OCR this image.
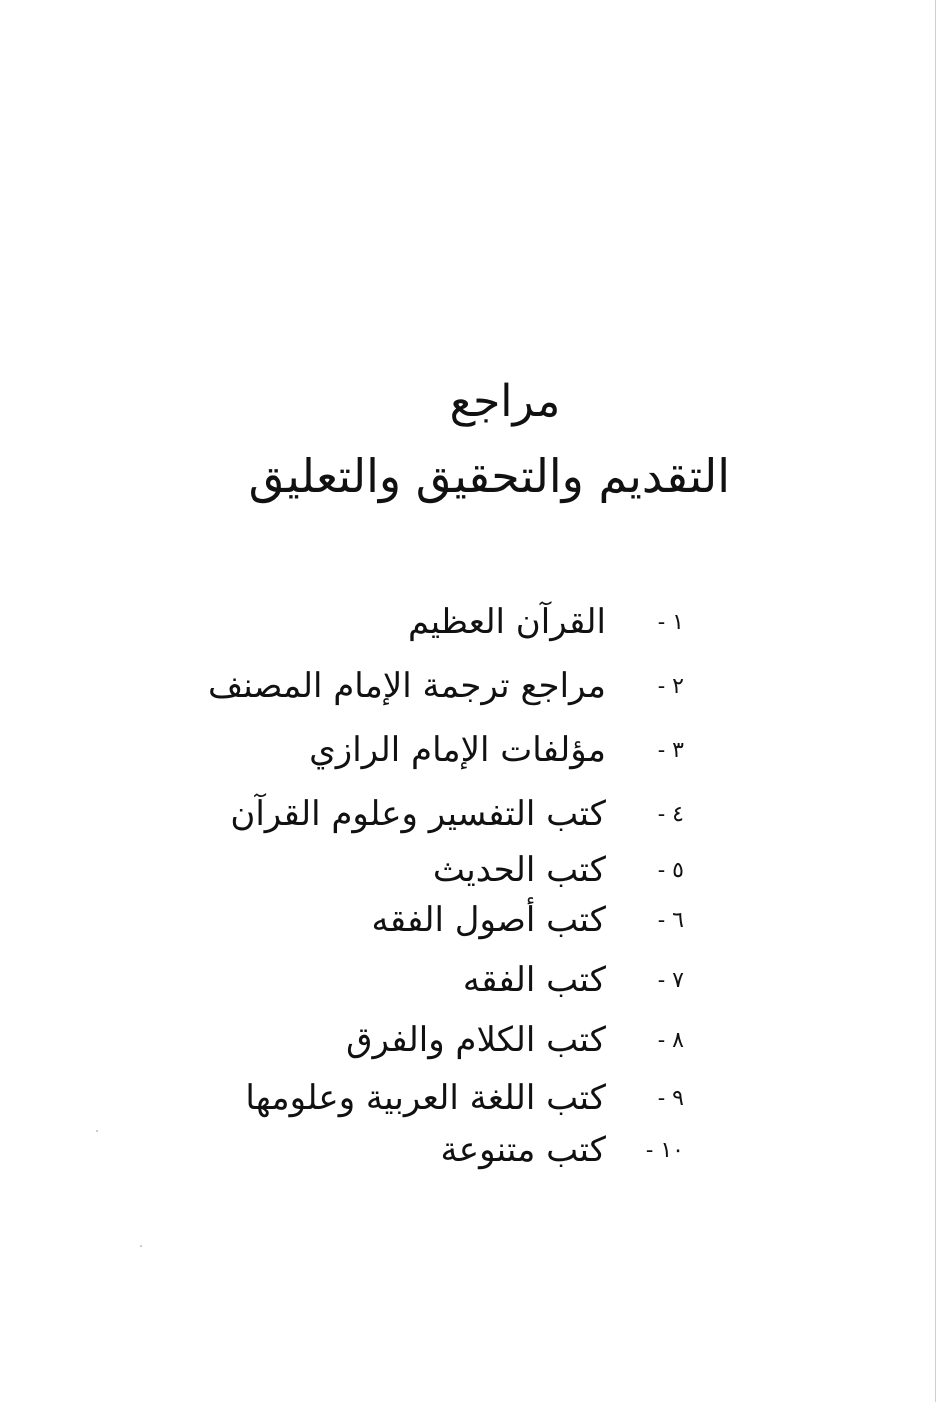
مراجع
التقديم والتحقيق والتعليق
١ -
القرآن العظيم
٢ -
مراجع ترجمة الإمام المصنف
٣ -
مؤلفات الإمام الرازي
٤ -
كتب التفسير وعلوم القرآن
٥ -
كتب الحديث
٦ -
كتب أصول الفقه
٧ -
كتب الفقه
٨ -
كتب الكلام والفرق
٩ -
كتب اللغة العربية وعلومها
١٠ -
كتب متنوعة
